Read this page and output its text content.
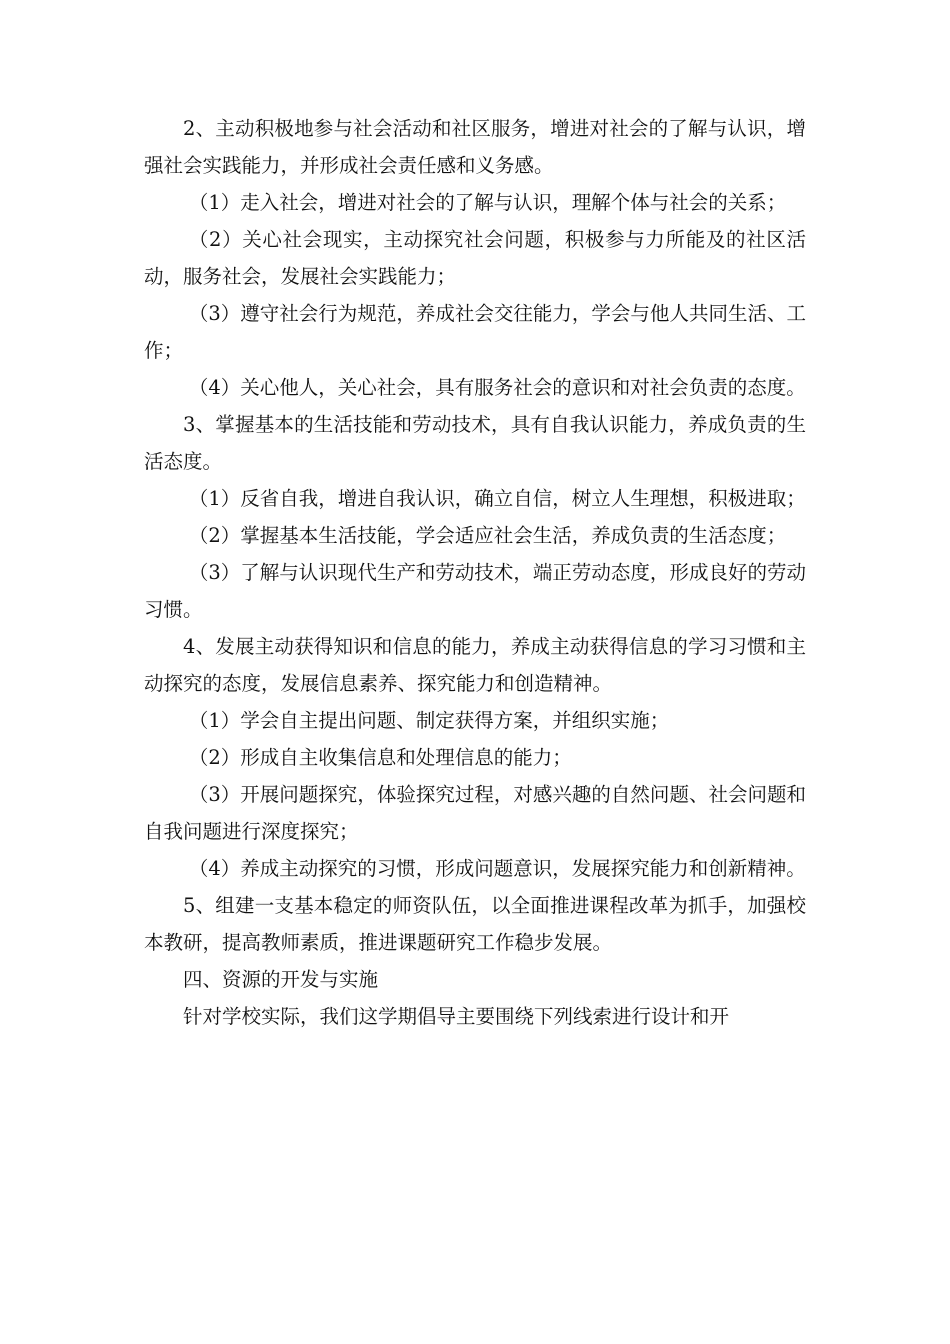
2、主动积极地参与社会活动和社区服务，增进对社会的了解与认识，增强社会实践能力，并形成社会责任感和义务感。

（1）走入社会，增进对社会的了解与认识，理解个体与社会的关系；

（2）关心社会现实，主动探究社会问题，积极参与力所能及的社区活动，服务社会，发展社会实践能力；

（3）遵守社会行为规范，养成社会交往能力，学会与他人共同生活、工作；

（4）关心他人，关心社会，具有服务社会的意识和对社会负责的态度。

3、掌握基本的生活技能和劳动技术，具有自我认识能力，养成负责的生活态度。

（1）反省自我，增进自我认识，确立自信，树立人生理想，积极进取；

（2）掌握基本生活技能，学会适应社会生活，养成负责的生活态度；

（3）了解与认识现代生产和劳动技术，端正劳动态度，形成良好的劳动习惯。

4、发展主动获得知识和信息的能力，养成主动获得信息的学习习惯和主动探究的态度，发展信息素养、探究能力和创造精神。

（1）学会自主提出问题、制定获得方案，并组织实施；

（2）形成自主收集信息和处理信息的能力；

（3）开展问题探究，体验探究过程，对感兴趣的自然问题、社会问题和自我问题进行深度探究；

（4）养成主动探究的习惯，形成问题意识，发展探究能力和创新精神。

5、组建一支基本稳定的师资队伍，以全面推进课程改革为抓手，加强校本教研，提高教师素质，推进课题研究工作稳步发展。

四、资源的开发与实施

针对学校实际，我们这学期倡导主要围绕下列线索进行设计和开
